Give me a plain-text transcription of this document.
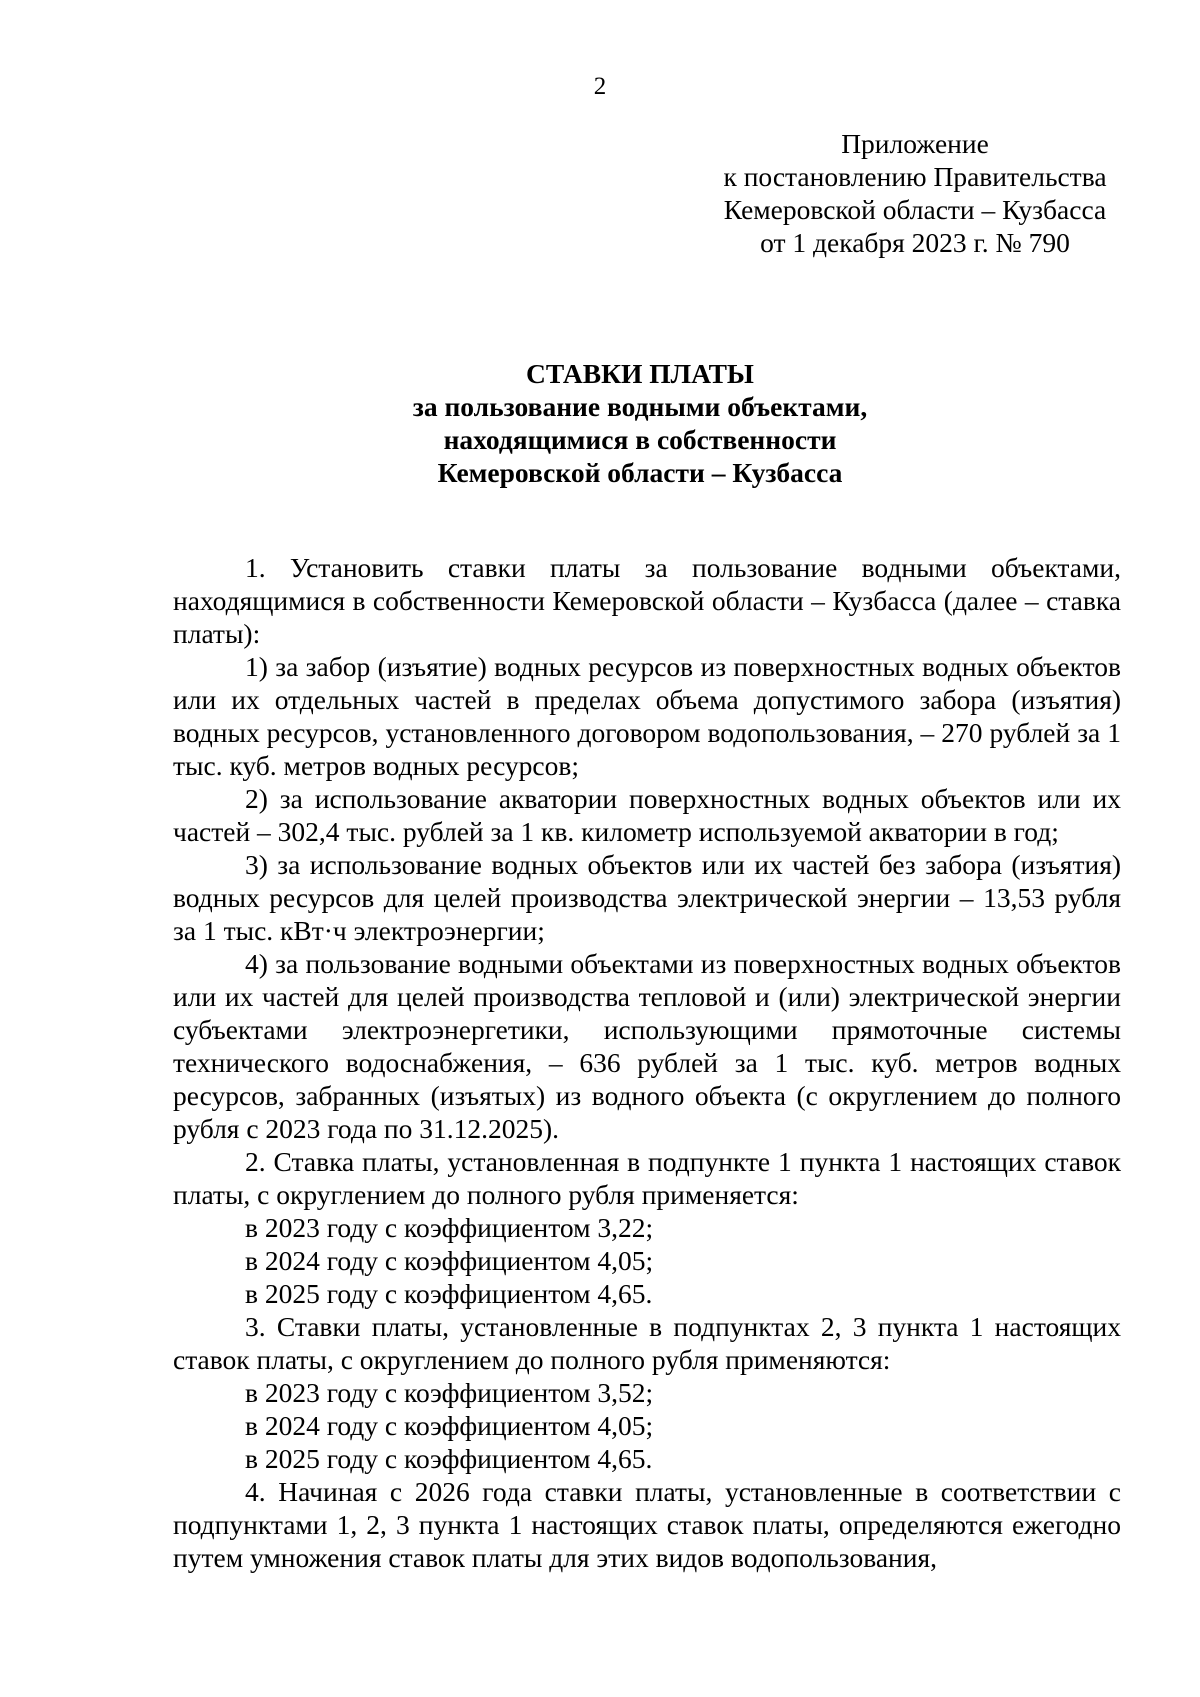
2
Приложение
к постановлению Правительства
Кемеровской области – Кузбасса
от 1 декабря 2023 г. № 790
СТАВКИ ПЛАТЫ
за пользование водными объектами,
находящимися в собственности
Кемеровской области – Кузбасса

1. Установить ставки платы за пользование водными объектами, находящимися в собственности Кемеровской области – Кузбасса (далее – ставка платы):

1) за забор (изъятие) водных ресурсов из поверхностных водных объектов или их отдельных частей в пределах объема допустимого забора (изъятия) водных ресурсов, установленного договором водопользования, – 270 рублей за 1 тыс. куб. метров водных ресурсов;

2) за использование акватории поверхностных водных объектов или их частей – 302,4 тыс. рублей за 1 кв. километр используемой акватории в год;

3) за использование водных объектов или их частей без забора (изъятия) водных ресурсов для целей производства электрической энергии – 13,53 рубля за 1 тыс. кВт·ч электроэнергии;

4) за пользование водными объектами из поверхностных водных объектов или их частей для целей производства тепловой и (или) электрической энергии субъектами электроэнергетики, использующими прямоточные системы технического водоснабжения, – 636 рублей за 1 тыс. куб. метров водных ресурсов, забранных (изъятых) из водного объекта (с округлением до полного рубля с 2023 года по 31.12.2025).

2. Ставка платы, установленная в подпункте 1 пункта 1 настоящих ставок платы, с округлением до полного рубля применяется:

в 2023 году с коэффициентом 3,22;

в 2024 году с коэффициентом 4,05;

в 2025 году с коэффициентом 4,65.

3. Ставки платы, установленные в подпунктах 2, 3 пункта 1 настоящих ставок платы, с округлением до полного рубля применяются:

в 2023 году с коэффициентом 3,52;

в 2024 году с коэффициентом 4,05;

в 2025 году с коэффициентом 4,65.

4. Начиная с 2026 года ставки платы, установленные в соответствии с подпунктами 1, 2, 3 пункта 1 настоящих ставок платы, определяются ежегодно путем умножения ставок платы для этих видов водопользования,
